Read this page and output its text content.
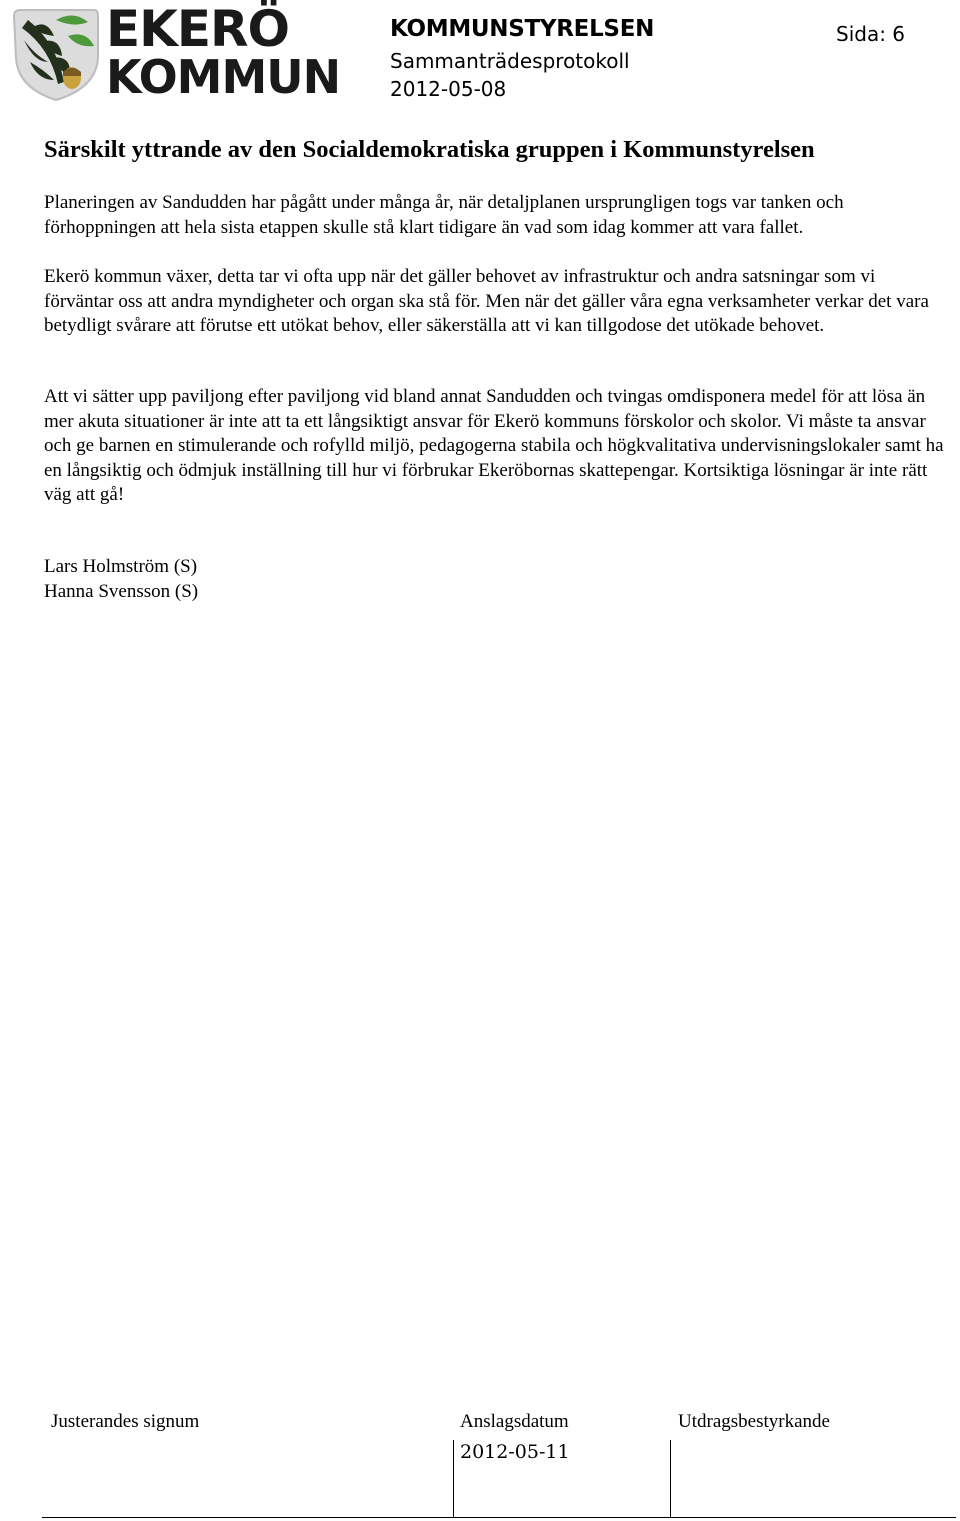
EKERÖ
KOMMUN
KOMMUNSTYRELSEN
Sammanträdesprotokoll
2012-05-08
Sida: 6
Särskilt yttrande av den Socialdemokratiska gruppen i Kommunstyrelsen

Planeringen av Sandudden har pågått under många år, när detaljplanen ursprungligen togs var tanken och förhoppningen att hela sista etappen skulle stå klart tidigare än vad som idag kommer att vara fallet.

Ekerö kommun växer, detta tar vi ofta upp när det gäller behovet av infrastruktur och andra satsningar som vi förväntar oss att andra myndigheter och organ ska stå för. Men när det gäller våra egna verksamheter verkar det vara betydligt svårare att förutse ett utökat behov, eller säkerställa att vi kan tillgodose det utökade behovet.

Att vi sätter upp paviljong efter paviljong vid bland annat Sandudden och tvingas omdisponera medel för att lösa än mer akuta situationer är inte att ta ett långsiktigt ansvar för Ekerö kommuns förskolor och skolor. Vi måste ta ansvar och ge barnen en stimulerande och rofylld miljö, pedagogerna stabila och högkvalitativa undervisningslokaler samt ha en långsiktig och ödmjuk inställning till hur vi förbrukar Ekeröbornas skattepengar. Kortsiktiga lösningar är inte rätt väg att gå!

Lars Holmström (S)
Hanna Svensson (S)
Justerandes signum	Anslagsdatum	Utdragsbestyrkande
2012-05-11
